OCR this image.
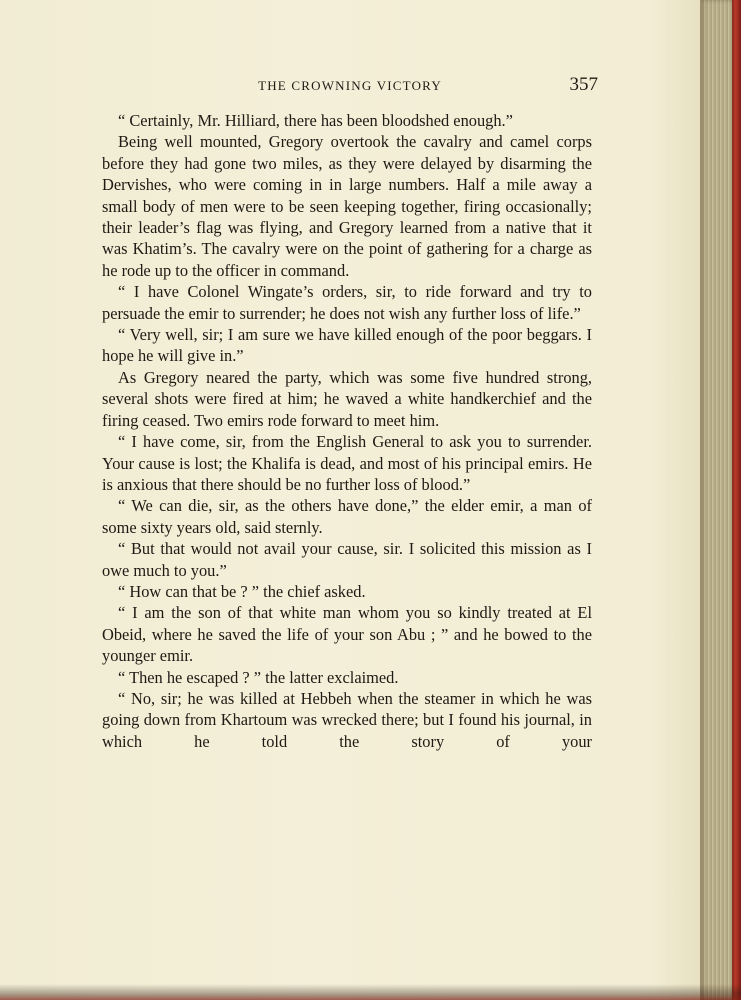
THE CROWNING VICTORY	357

“ Certainly, Mr. Hilliard, there has been bloodshed enough.”

Being well mounted, Gregory overtook the cavalry and camel corps before they had gone two miles, as they were delayed by disarming the Dervishes, who were coming in in large numbers. Half a mile away a small body of men were to be seen keeping together, firing occasionally; their leader’s flag was flying, and Gregory learned from a native that it was Khatim’s. The cavalry were on the point of gathering for a charge as he rode up to the officer in command.

“ I have Colonel Wingate’s orders, sir, to ride forward and try to persuade the emir to surrender; he does not wish any further loss of life.”

“ Very well, sir; I am sure we have killed enough of the poor beggars. I hope he will give in.”

As Gregory neared the party, which was some five hundred strong, several shots were fired at him; he waved a white handkerchief and the firing ceased. Two emirs rode forward to meet him.

“ I have come, sir, from the English General to ask you to surrender. Your cause is lost; the Khalifa is dead, and most of his principal emirs. He is anxious that there should be no further loss of blood.”

“ We can die, sir, as the others have done,” the elder emir, a man of some sixty years old, said sternly.

“ But that would not avail your cause, sir. I solicited this mission as I owe much to you.”

“ How can that be ? ” the chief asked.

“ I am the son of that white man whom you so kindly treated at El Obeid, where he saved the life of your son Abu ; ” and he bowed to the younger emir.

“ Then he escaped ? ” the latter exclaimed.

“ No, sir; he was killed at Hebbeh when the steamer in which he was going down from Khartoum was wrecked there; but I found his journal, in which he told the story of your
